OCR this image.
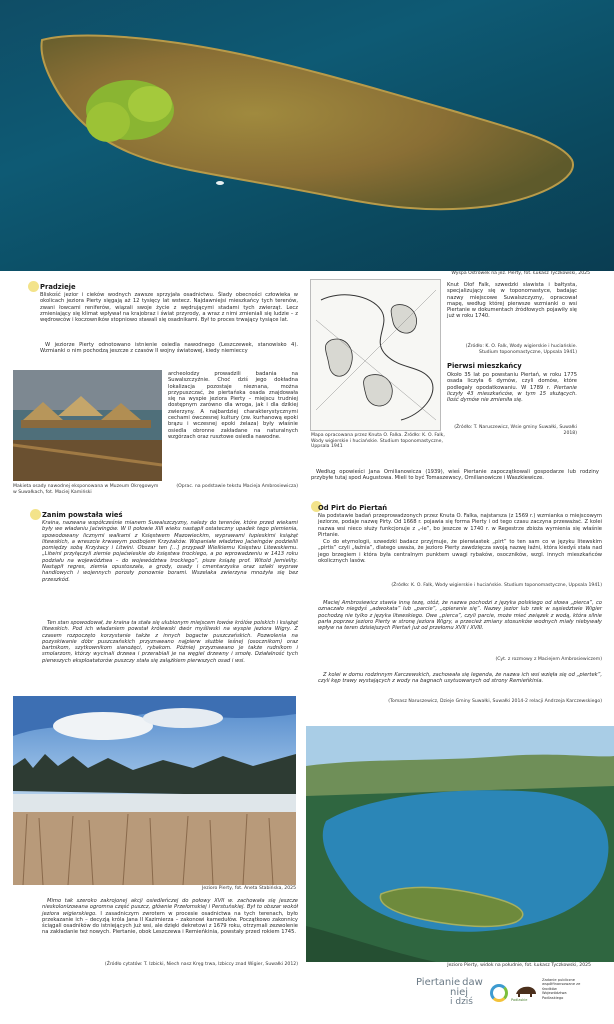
Wyspa Ostrówek na jez. Pierty, fot. Łukasz Tyczkowski, 2025
Pradzieje
Bliskość jezior i cieków wodnych zawsze sprzyjała osadnictwu. Ślady obecności człowieka w okolicach jeziora Pierty sięgają aż 12 tysięcy lat wstecz. Najdawniejsi mieszkańcy tych terenów, zwani łowcami reniferów, wiązali swoje życie z wędrującymi stadami tych zwierząt. Lecz zmieniający się klimat wpływał na krajobraz i świat przyrody, a wraz z nimi zmieniali się ludzie – z wędrowców i koczowników stopniowo stawali się osadnikami. Był to proces trwający tysiące lat.
W jeziorze Pierty odnotowano istnienie osiedla nawodnego (Leszczewek, stanowisko 4). Wzmianki o nim pochodzą jeszcze z czasów II wojny światowej, kiedy niemieccy
archeolodzy prowadzili badania na Suwalszczyźnie. Choć dziś jego dokładna lokalizacja pozostaje nieznana, można przypuszczać, że piertańska osada znajdowała się na wyspie jeziora Pierty – miejscu trudniej dostępnym zarówno dla wroga, jak i dla dzikiej zwierzyny. A najbardziej charakterystycznymi cechami ówczesnej kultury (zw. kurhanową epoki brązu i wczesnej epoki żelaza) były właśnie osiedla obronne zakładane na naturalnych wzgórzach oraz rusztowe osiedla nawodne.
Makieta osady nawodnej eksponowana w Muzeum Okręgowym w Suwałkach, fot. Maciej Kamiński
(Oprac. na podstawie tekstu Macieja Ambrosiewicza)
Mapa opracowana przez Knuta O. Falka. Źródło: K. O. Falk, Wody wigierskie i huciańskie. Studium toponomastyczne, Uppsala 1941
Knut Olof Falk, szwedzki slawista i bałtysta, specjalizujący się w toponomastyce, badając nazwy miejscowe Suwalszczyzny, opracował mapę, według której pierwsze wzmianki o wsi Piertanie w dokumentach źródłowych pojawiły się już w roku 1740.
(Źródło: K. O. Falk, Wody wigierskie i huciańskie. Studium toponomastyczne, Uppsala 1941)
Pierwsi mieszkańcy
Około 35 lat po powstaniu Piertań, w roku 1775 osada liczyła 6 dymów, czyli domów, które podlegały opodatkowaniu. W 1789 r. Piertanie liczyły 43 mieszkańców, w tym 15 służących. Ilość dymów nie zmieniła się.
(Źródło: T. Naruszewicz, Wsie gminy Suwałki, Suwałki 2018)
Według opowieści Jana Omilianowicza (1939), wieś Piertanie zapoczątkowali gospodarze lub rodziny przybyłe tutaj spod Augustowa. Mieli to być Tomaszewscy, Omilianowicze i Waszkiewicze.
Zanim powstała wieś
Kraina, nazwana współcześnie mianem Suwalszczyzny, należy do terenów, które przed wiekami były we władaniu Jaćwingów. W II połowie XIII wieku nastąpił ostateczny upadek tego plemienia, spowodowany licznymi walkami z Księstwem Mazowieckim, wyprawami łupieskimi książąt litewskich, a wreszcie krwawym podbojem Krzyżaków. Wspaniałe władztwo Jaćwingów podzielili pomiędzy sobą Krzyżacy i Litwini. Obszar ten […] przypadł Wielkiemu Księstwu Litewskiemu. „Litwini przyłączyli ziemie pojaćwieskie do księstwa trockiego, a po wprowadzeniu w 1413 roku podziału na województwa – do województwa trockiego”, pisze książę prof. Witold Jemielity. Nastąpił regres, ziemia opustoszała, a grody, osady i cmentarzyska oraz szlaki wypraw handlowych i wojennych porosły ponownie borami. Wszelaka zwierzyna mnożyła się bez przeszkód.
Ten stan spowodował, że kraina ta stała się ulubionym miejscem łowów królów polskich i książąt litewskich. Pod ich władaniem powstał królewski dwór myśliwski na wyspie jeziora Wigry. Z czasem rozpoczęto korzystanie także z innych bogactw puszczańskich. Pozwolenia na pozyskiwanie dóbr puszczańskich przyznawano najpierw służbie leśnej (osocznikom) oraz bartnikom, szytkownikom sianożęci, rybakom. Później przyznawano je także rudnikom i smolarzom, którzy wycinali drzewa i przerabiali je na węgiel drzewny i smołę. Działalność tych pierwszych eksploatatorów puszczy stała się zalążkiem pierwszych osad i wsi.
Jezioro Pierty, fot. Aneta Stabińska, 2025
Mimo tak szeroko zakrojonej akcji osiedleńczej do połowy XVII w. zachowała się jeszcze nieskolonizowana ogromna część puszcz, głównie Przełomskiej i Perstuńskiej. Był to obszar wokół jeziora wigierskiego. I zasadniczym zwrotem w procesie osadnictwa na tych terenach, było przekazanie ich – decyzją króla Jana II Kazimierza – zakonowi kamedułów. Początkowo zakonnicy ściągali osadników do istniejących już wsi, ale dzięki dekretowi z 1679 roku, otrzymali zezwolenie na zakładanie też nowych. Piertanie, obok Leszczewa i Remieńkinia, powstały przed rokiem 1745.
(Źródło cytatów: T. Izbicki, Niech nasz Kręg trwa, Izbiccy znad Wigier, Suwałki 2012)
Od Pirt do Piertań
Na podstawie badań przeprowadzonych przez Knuta O. Falka, najstarsza (z 1569 r.) wzmianka o miejscowym jeziorze, podaje nazwę Pirty. Od 1668 r. pojawia się forma Pierty i od tego czasu zaczyna przeważać. Z kolei nazwa wsi nieco służy funkcjonuje z „-ie”, bo jeszcze w 1740 r. w Regestrze zbioża wymienia się właśnie Pirtanie.
Co do etymologii, szwedzki badacz przyjmuje, że pierwiastek „pirt” to ten sam co w języku litewskim „pirtis” czyli „łaźnia”, dlatego uważa, że jezioro Pierty zawdzięcza swoją nazwę łaźni, która kiedyś stała nad jego brzegiem i która była centralnym punktem uwagi rybaków, osoczników, wzgl. innych mieszkańców okolicznych lasów.
(Źródło: K. O. Falk, Wody wigierskie i huciańskie. Studium toponomastyczne, Uppsala 1941)
Maciej Ambrosiewicz stawia inną tezę, otóż, że nazwa pochodzi z języka polskiego od słowa „pierca”, co oznaczało niegdyś „adwokata” lub „parcie”, „opieranie się”. Nazwy jezior lub rzek w sąsiedztwie Wigier pochodzą nie tylko z języka litewskiego. Owe „pierca”, czyli parcie, może mieć związek z wodą, która silnie parła poprzez jezioro Pierty w stronę jeziora Wigry, a przecież zmiany stosunków wodnych miały niebywały wpływ na teren dzisiejszych Piertań już od przełomu XVII i XVIII.
(Cyt. z rozmowy z Maciejem Ambrosiewiczem)
Z kolei w domu rodzinnym Karczewskich, zachowała się legenda, że nazwa ich wsi wzięła się od „piertek”, czyli kęp trawy wystających z wody na bagnach usytuowanych od strony Remieńkinia.
(Tomasz Naruszewicz, Dzieje Gminy Suwałki, Suwałki 2014-2 relacji Andrzeja Karczewskiego)
Jezioro Pierty, widok na południe, fot. Łukasz Tyczkowski, 2025
Piertanie daw
niej
i dziś	Podlaskie
Zadanie publiczne współfinansowane ze środków Województwa Podlaskiego
